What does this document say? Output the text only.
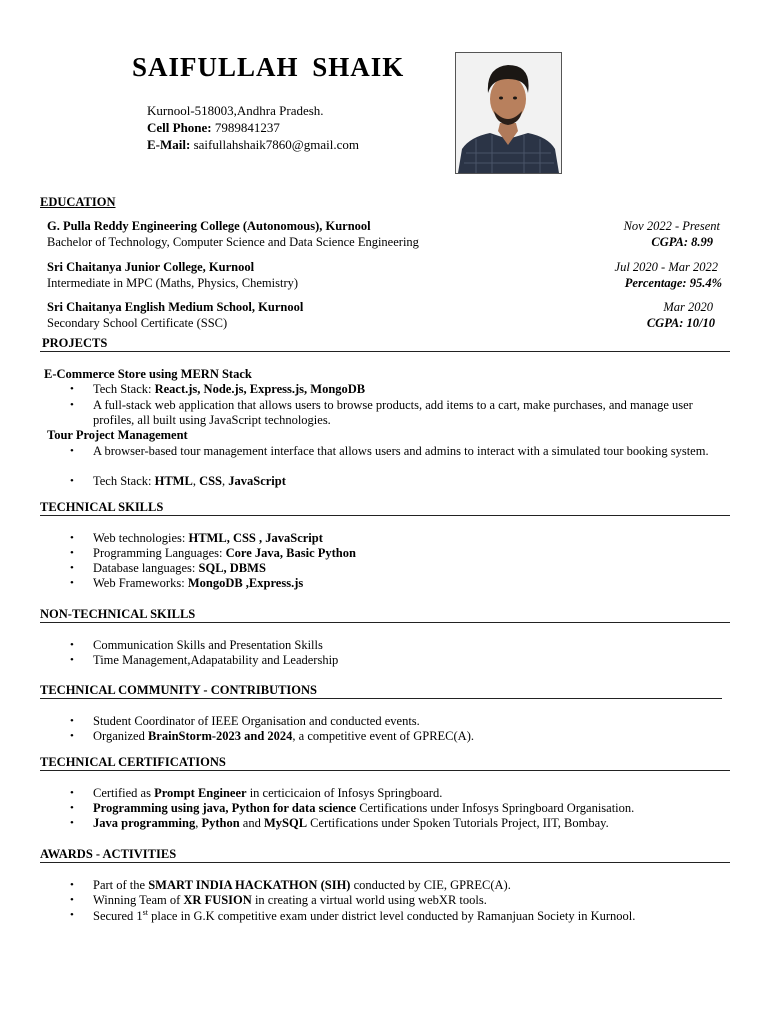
SAIFULLAH SHAIK
Kurnool-518003,Andhra Pradesh.
Cell Phone: 7989841237
E-Mail: saifullahshaik7860@gmail.com
EDUCATION
G. Pulla Reddy Engineering College (Autonomous), Kurnool	Nov 2022 - Present
Bachelor of Technology, Computer Science and Data Science Engineering	CGPA: 8.99
Sri Chaitanya Junior College, Kurnool	Jul 2020 - Mar 2022
Intermediate in MPC (Maths, Physics, Chemistry)	Percentage: 95.4%
Sri Chaitanya English Medium School, Kurnool	Mar 2020
Secondary School Certificate (SSC)	CGPA: 10/10
PROJECTS
E-Commerce Store using MERN Stack
• Tech Stack: React.js, Node.js, Express.js, MongoDB
• A full-stack web application that allows users to browse products, add items to a cart, make purchases, and manage user profiles, all built using JavaScript technologies.
Tour Project Management
• A browser-based tour management interface that allows users and admins to interact with a simulated tour booking system.
• Tech Stack: HTML, CSS, JavaScript
TECHNICAL SKILLS
• Web technologies: HTML, CSS , JavaScript
• Programming Languages: Core Java, Basic Python
• Database languages: SQL, DBMS
• Web Frameworks: MongoDB ,Express.js
NON-TECHNICAL SKILLS
• Communication Skills and Presentation Skills
• Time Management,Adapatability and Leadership
TECHNICAL COMMUNITY - CONTRIBUTIONS
• Student Coordinator of IEEE Organisation and conducted events.
• Organized BrainStorm-2023 and 2024, a competitive event of GPREC(A).
TECHNICAL CERTIFICATIONS
• Certified as Prompt Engineer in certicicaion of Infosys Springboard.
• Programming using java, Python for data science Certifications under Infosys Springboard Organisation.
• Java programming, Python and MySQL Certifications under Spoken Tutorials Project, IIT, Bombay.
AWARDS - ACTIVITIES
• Part of the SMART INDIA HACKATHON (SIH) conducted by CIE, GPREC(A).
• Winning Team of XR FUSION in creating a virtual world using webXR tools.
• Secured 1st place in G.K competitive exam under district level conducted by Ramanjuan Society in Kurnool.
